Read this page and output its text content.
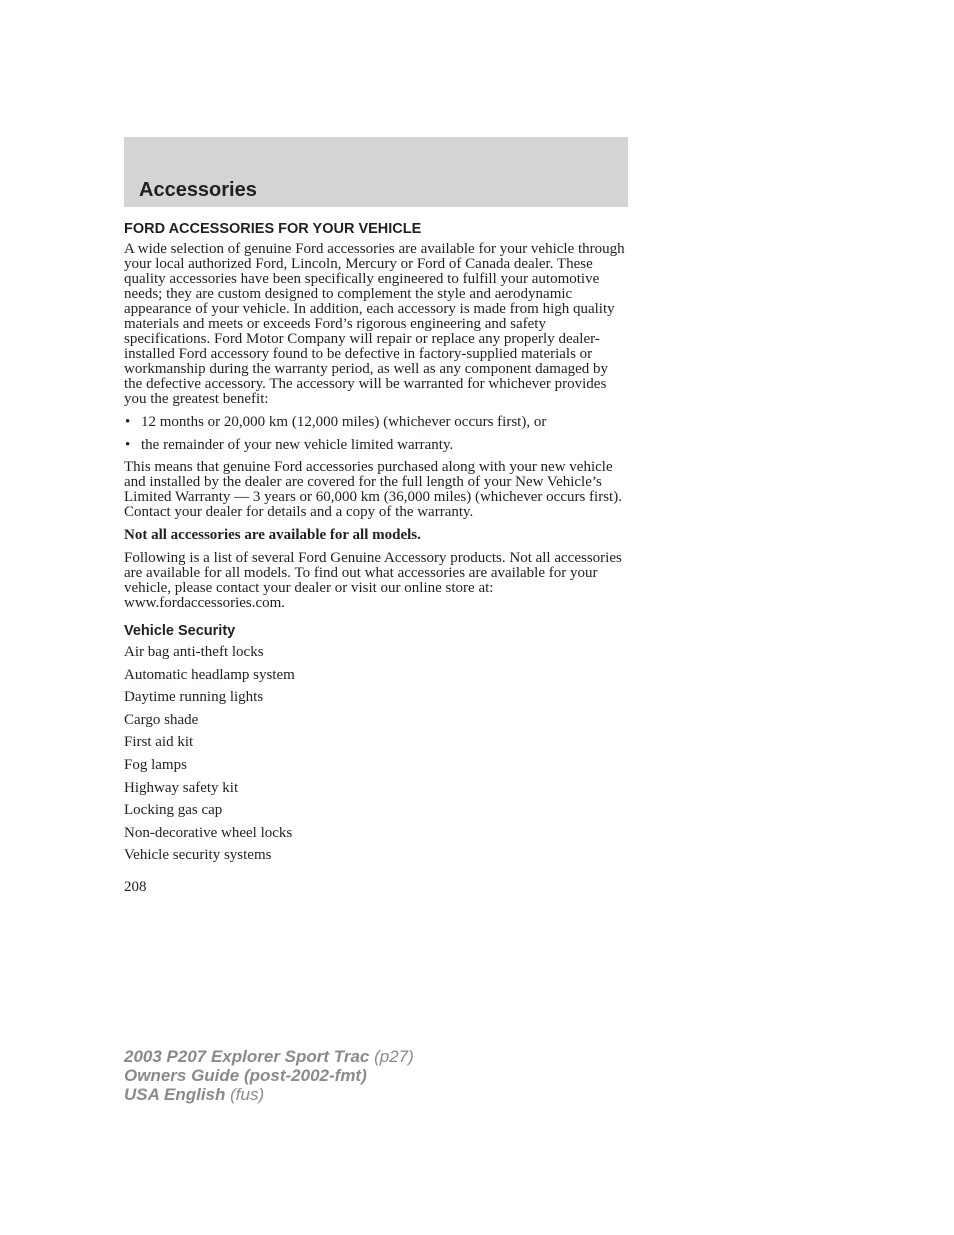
Accessories
FORD ACCESSORIES FOR YOUR VEHICLE

A wide selection of genuine Ford accessories are available for your vehicle through your local authorized Ford, Lincoln, Mercury or Ford of Canada dealer. These quality accessories have been specifically engineered to fulfill your automotive needs; they are custom designed to complement the style and aerodynamic appearance of your vehicle. In addition, each accessory is made from high quality materials and meets or exceeds Ford’s rigorous engineering and safety specifications. Ford Motor Company will repair or replace any properly dealer-installed Ford accessory found to be defective in factory-supplied materials or workmanship during the warranty period, as well as any component damaged by the defective accessory. The accessory will be warranted for whichever provides you the greatest benefit:

• 12 months or 20,000 km (12,000 miles) (whichever occurs first), or
• the remainder of your new vehicle limited warranty.

This means that genuine Ford accessories purchased along with your new vehicle and installed by the dealer are covered for the full length of your New Vehicle’s Limited Warranty — 3 years or 60,000 km (36,000 miles) (whichever occurs first). Contact your dealer for details and a copy of the warranty.

Not all accessories are available for all models.

Following is a list of several Ford Genuine Accessory products. Not all accessories are available for all models. To find out what accessories are available for your vehicle, please contact your dealer or visit our online store at: www.fordaccessories.com.

Vehicle Security
Air bag anti-theft locks
Automatic headlamp system
Daytime running lights
Cargo shade
First aid kit
Fog lamps
Highway safety kit
Locking gas cap
Non-decorative wheel locks
Vehicle security systems
208
2003 P207 Explorer Sport Trac (p27)
Owners Guide (post-2002-fmt)
USA English (fus)
